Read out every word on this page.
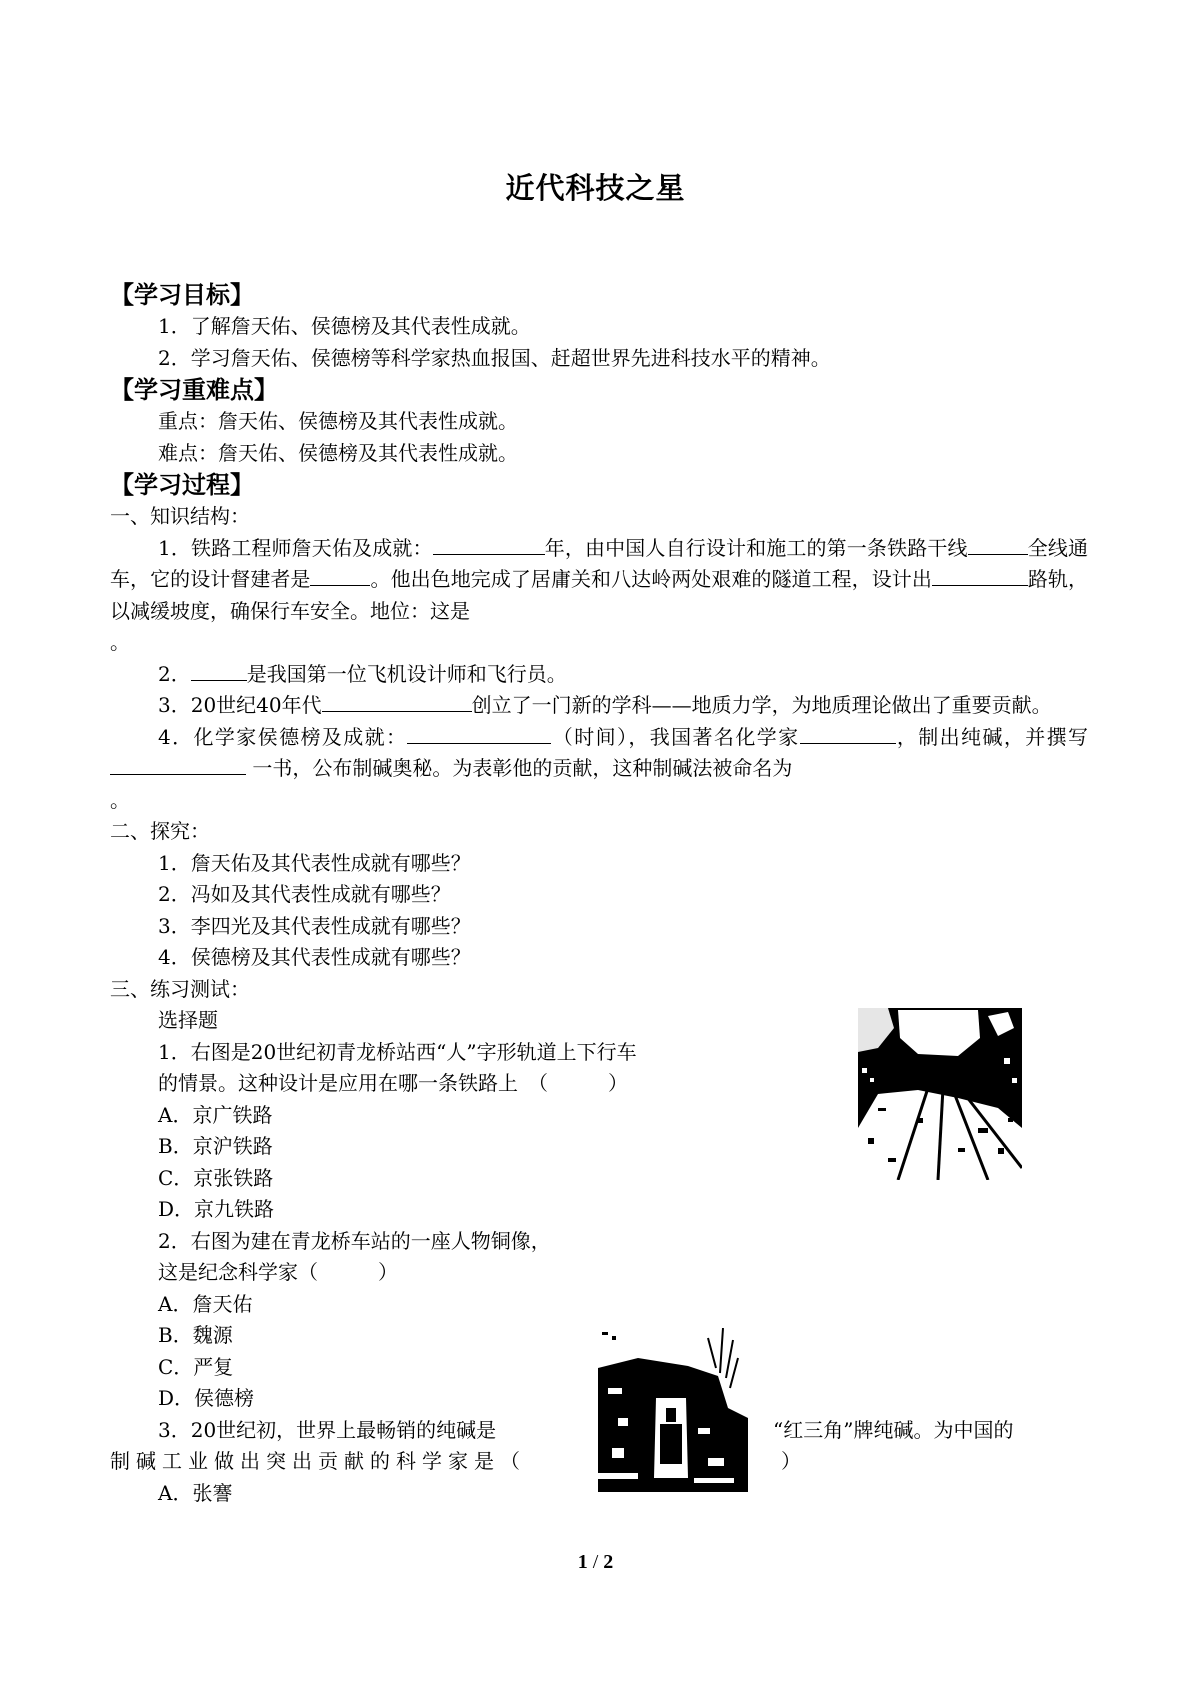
近代科技之星
【学习目标】
1．了解詹天佑、侯德榜及其代表性成就。
2．学习詹天佑、侯德榜等科学家热血报国、赶超世界先进科技水平的精神。
【学习重难点】
重点：詹天佑、侯德榜及其代表性成就。
难点：詹天佑、侯德榜及其代表性成就。
【学习过程】
一、知识结构：
1．铁路工程师詹天佑及成就：	年，由中国人自行设计和施工的第一条铁路干线	全线通车，它的设计督建者是	。他出色地完成了居庸关和八达岭两处艰难的隧道工程，设计出	路轨，以减缓坡度，确保行车安全。地位：这是
。
2．	是我国第一位飞机设计师和飞行员。
3．20世纪40年代	创立了一门新的学科——地质力学，为地质理论做出了重要贡献。
4．化学家侯德榜及成就：	（时间），我国著名化学家	，制出纯碱，并撰写 一书，公布制碱奥秘。为表彰他的贡献，这种制碱法被命名为
。
二、探究：
1．詹天佑及其代表性成就有哪些？
2．冯如及其代表性成就有哪些？
3．李四光及其代表性成就有哪些？
4．侯德榜及其代表性成就有哪些？
三、练习测试：
选择题
1．右图是20世纪初青龙桥站西“人”字形轨道上下行车
的情景。这种设计是应用在哪一条铁路上　（　　　）
A．京广铁路
B．京沪铁路
C．京张铁路
D．京九铁路
2．右图为建在青龙桥车站的一座人物铜像，
这是纪念科学家（　　　）
A．詹天佑
B．魏源
C．严复
D．侯德榜
3．20世纪初，世界上最畅销的纯碱是	“红三角”牌纯碱。为中国的
制碱工业做出突出贡献的科学家是（	）
A．张謇
1 / 2
